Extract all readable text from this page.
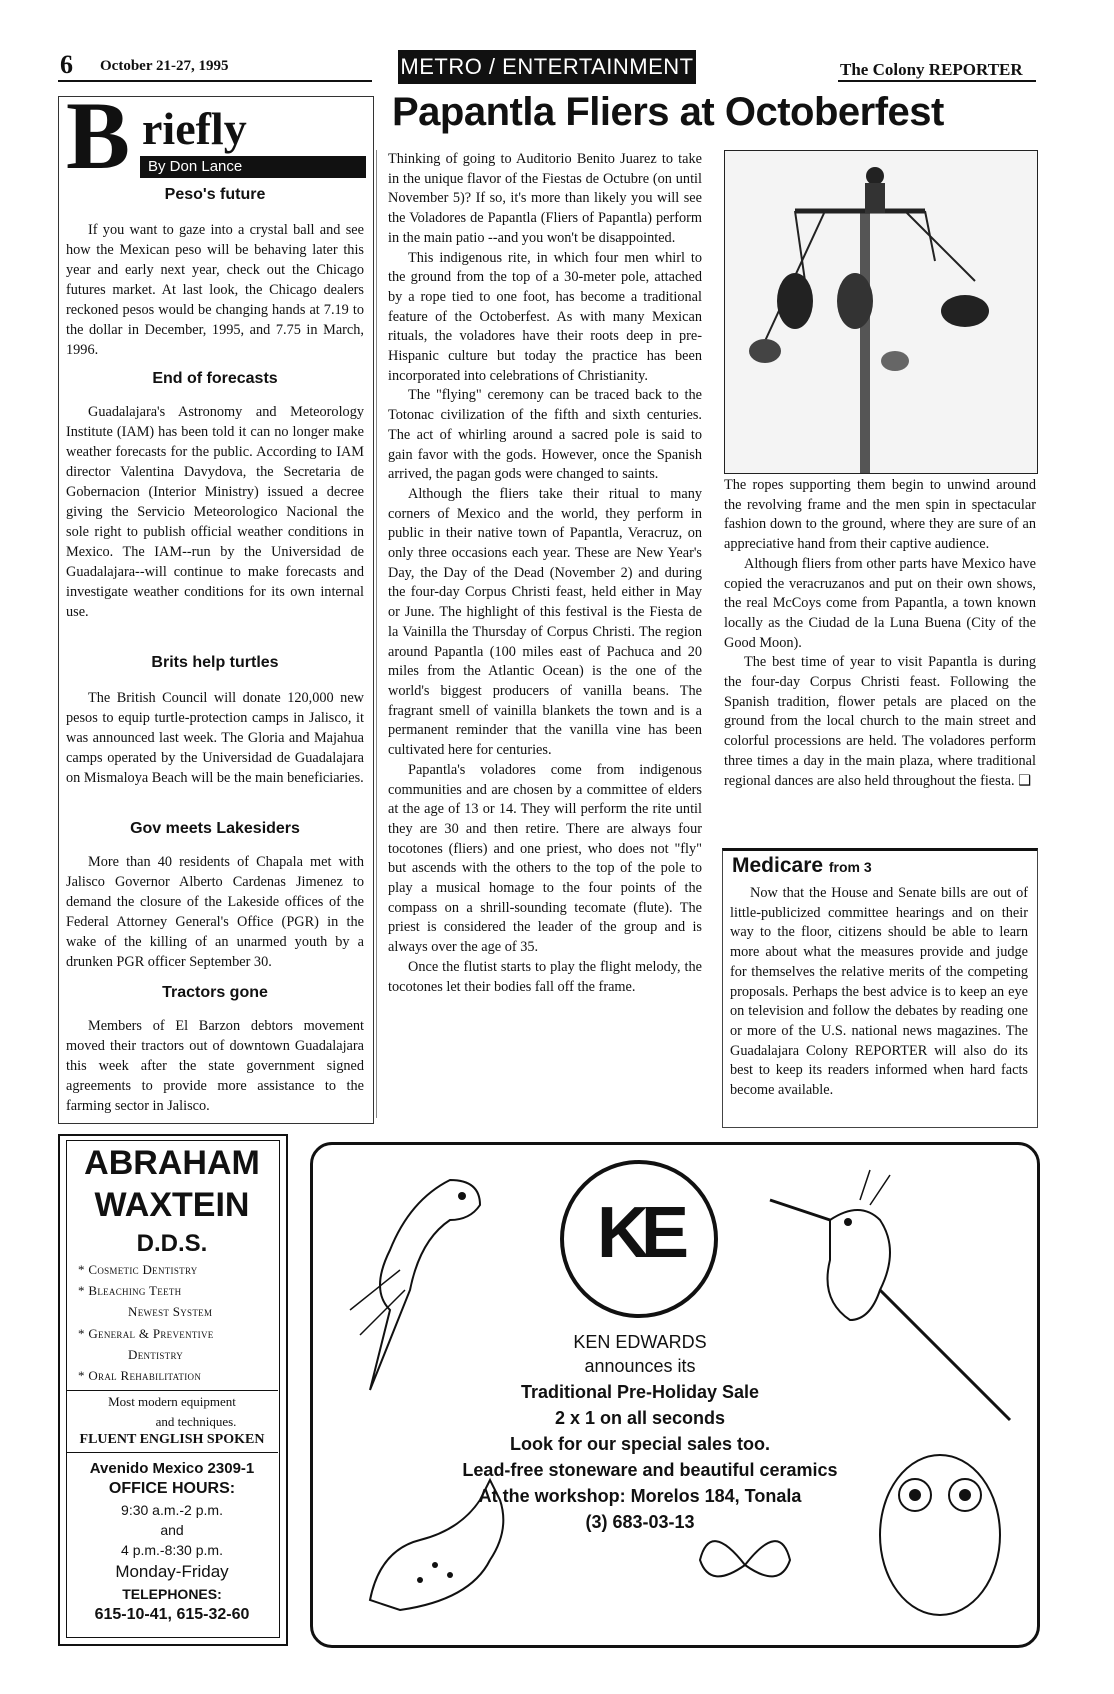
6 October 21-27, 1995	METRO / ENTERTAINMENT	The Colony REPORTER
B riefly
By Don Lance
Peso's future
If you want to gaze into a crystal ball and see how the Mexican peso will be behaving later this year and early next year, check out the Chicago futures market. At last look, the Chicago dealers reckoned pesos would be changing hands at 7.19 to the dollar in December, 1995, and 7.75 in March, 1996.
End of forecasts
Guadalajara's Astronomy and Meteorology Institute (IAM) has been told it can no longer make weather forecasts for the public. According to IAM director Valentina Davydova, the Secretaria de Gobernacion (Interior Ministry) issued a decree giving the Servicio Meteorologico Nacional the sole right to publish official weather conditions in Mexico. The IAM--run by the Universidad de Guadalajara--will continue to make forecasts and investigate weather conditions for its own internal use.
Brits help turtles
The British Council will donate 120,000 new pesos to equip turtle-protection camps in Jalisco, it was announced last week. The Gloria and Majahua camps operated by the Universidad de Guadalajara on Mismaloya Beach will be the main beneficiaries.
Gov meets Lakesiders
More than 40 residents of Chapala met with Jalisco Governor Alberto Cardenas Jimenez to demand the closure of the Lakeside offices of the Federal Attorney General's Office (PGR) in the wake of the killing of an unarmed youth by a drunken PGR officer September 30.
Tractors gone
Members of El Barzon debtors movement moved their tractors out of downtown Guadalajara this week after the state government signed agreements to provide more assistance to the farming sector in Jalisco.
Papantla Fliers at Octoberfest

Thinking of going to Auditorio Benito Juarez to take in the unique flavor of the Fiestas de Octubre (on until November 5)? If so, it's more than likely you will see the Voladores de Papantla (Fliers of Papantla) perform in the main patio --and you won't be disappointed.

This indigenous rite, in which four men whirl to the ground from the top of a 30-meter pole, attached by a rope tied to one foot, has become a traditional feature of the Octoberfest. As with many Mexican rituals, the voladores have their roots deep in pre-Hispanic culture but today the practice has been incorporated into celebrations of Christianity.

The "flying" ceremony can be traced back to the Totonac civilization of the fifth and sixth centuries. The act of whirling around a sacred pole is said to gain favor with the gods. However, once the Spanish arrived, the pagan gods were changed to saints.

Although the fliers take their ritual to many corners of Mexico and the world, they perform in public in their native town of Papantla, Veracruz, on only three occasions each year. These are New Year's Day, the Day of the Dead (November 2) and during the four-day Corpus Christi feast, held either in May or June. The highlight of this festival is the Fiesta de la Vainilla the Thursday of Corpus Christi. The region around Papantla (100 miles east of Pachuca and 20 miles from the Atlantic Ocean) is the one of the world's biggest producers of vanilla beans. The fragrant smell of vainilla blankets the town and is a permanent reminder that the vanilla vine has been cultivated here for centuries.

Papantla's voladores come from indigenous communities and are chosen by a committee of elders at the age of 13 or 14. They will perform the rite until they are 30 and then retire. There are always four tocotones (fliers) and one priest, who does not "fly" but ascends with the others to the top of the pole to play a musical homage to the four points of the compass on a shrill-sounding tecomate (flute). The priest is considered the leader of the group and is always over the age of 35.

Once the flutist starts to play the flight melody, the tocotones let their bodies fall off the frame.

The ropes supporting them begin to unwind around the revolving frame and the men spin in spectacular fashion down to the ground, where they are sure of an appreciative hand from their captive audience.

Although fliers from other parts have Mexico have copied the veracruzanos and put on their own shows, the real McCoys come from Papantla, a town known locally as the Ciudad de la Luna Buena (City of the Good Moon).

The best time of year to visit Papantla is during the four-day Corpus Christi feast. Following the Spanish tradition, flower petals are placed on the ground from the local church to the main street and colorful processions are held. The voladores perform three times a day in the main plaza, where traditional regional dances are also held throughout the fiesta. ❑

Medicare from 3

Now that the House and Senate bills are out of little-publicized committee hearings and on their way to the floor, citizens should be able to learn more about what the measures provide and judge for themselves the relative merits of the competing proposals. Perhaps the best advice is to keep an eye on television and follow the debates by reading one or more of the U.S. national news magazines. The Guadalajara Colony REPORTER will also do its best to keep its readers informed when hard facts become available.

ABRAHAM
WAXTEIN
D.D.S.
* Cosmetic Dentistry
* Bleaching Teeth
Newest System
* General & Preventive
Dentistry
* Oral Rehabilitation
Most modern equipment
and techniques.
FLUENT ENGLISH SPOKEN
Avenido Mexico 2309-1
OFFICE HOURS:
9:30 a.m.-2 p.m.
and
4 p.m.-8:30 p.m.
Monday-Friday
TELEPHONES:
615-10-41, 615-32-60
KE
KEN EDWARDS
announces its
Traditional Pre-Holiday Sale
2 x 1 on all seconds
Look for our special sales too.
Lead-free stoneware and beautiful ceramics
At the workshop: Morelos 184, Tonala
(3) 683-03-13
